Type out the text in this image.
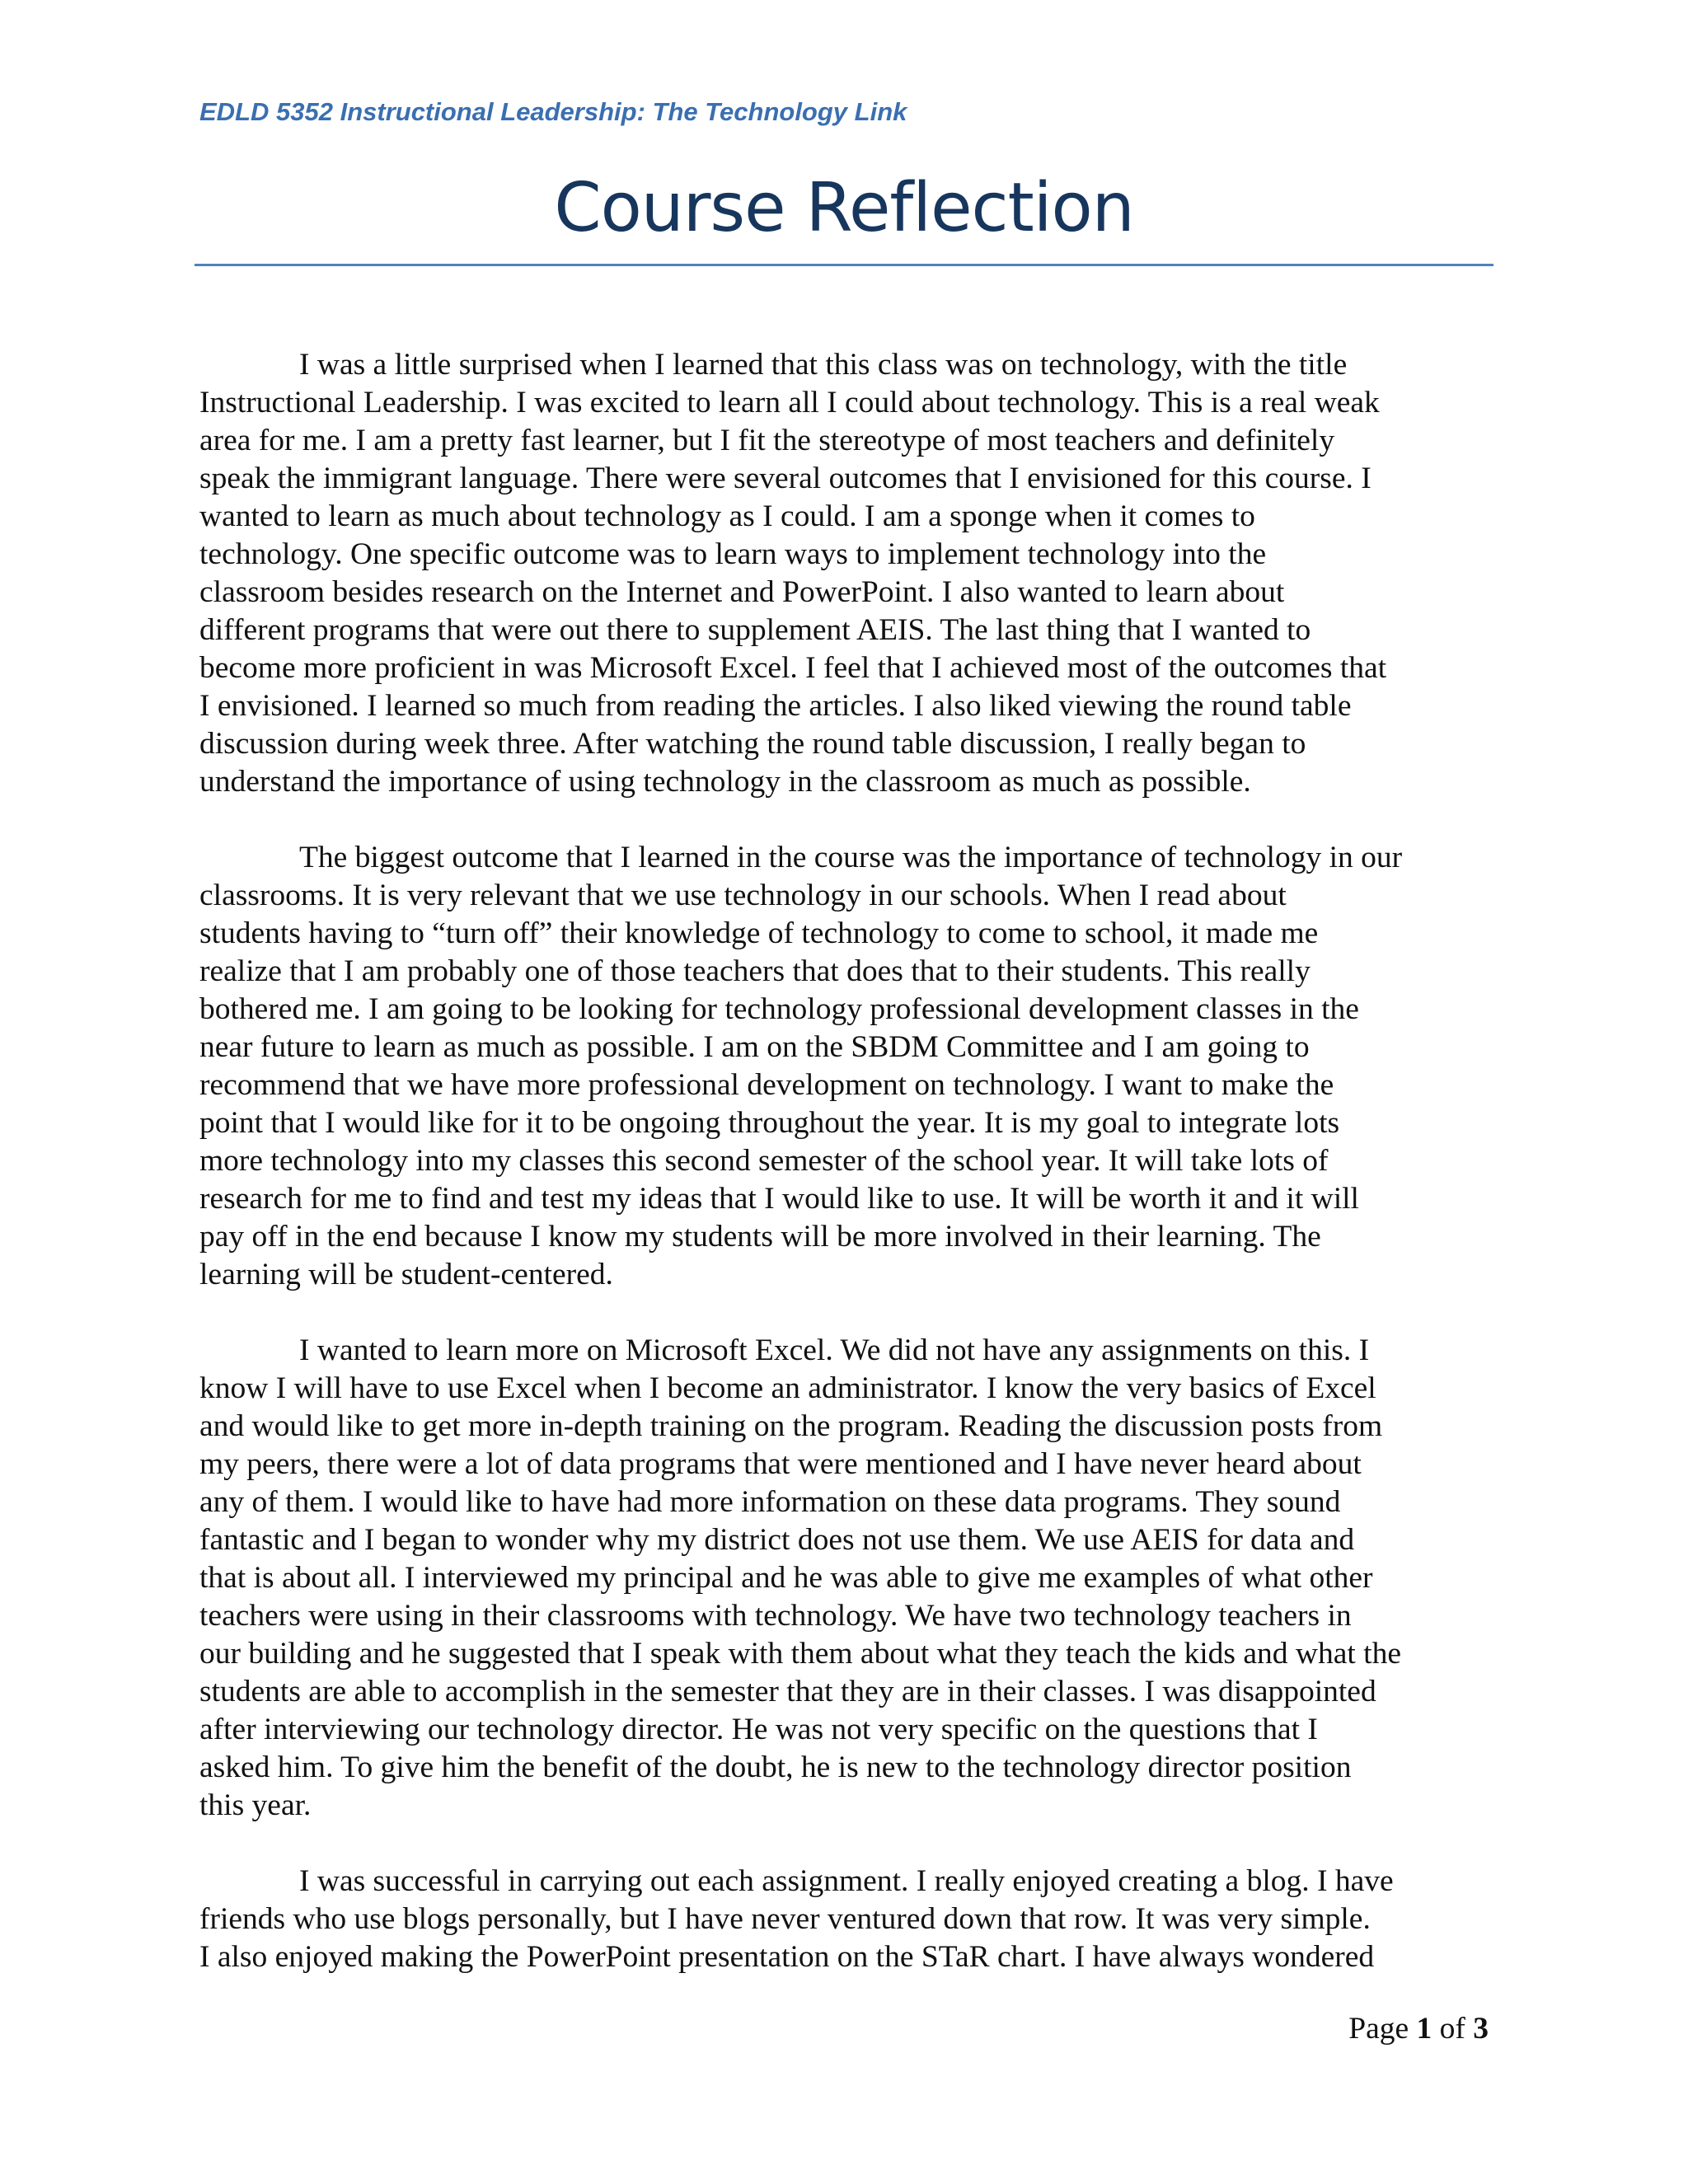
EDLD 5352 Instructional Leadership: The Technology Link
Course Reflection
I was a little surprised when I learned that this class was on technology, with the title
Instructional Leadership. I was excited to learn all I could about technology. This is a real weak
area for me. I am a pretty fast learner, but I fit the stereotype of most teachers and definitely
speak the immigrant language. There were several outcomes that I envisioned for this course. I
wanted to learn as much about technology as I could. I am a sponge when it comes to
technology. One specific outcome was to learn ways to implement technology into the
classroom besides research on the Internet and PowerPoint. I also wanted to learn about
different programs that were out there to supplement AEIS. The last thing that I wanted to
become more proficient in was Microsoft Excel. I feel that I achieved most of the outcomes that
I envisioned. I learned so much from reading the articles. I also liked viewing the round table
discussion during week three. After watching the round table discussion, I really began to
understand the importance of using technology in the classroom as much as possible.
The biggest outcome that I learned in the course was the importance of technology in our
classrooms. It is very relevant that we use technology in our schools. When I read about
students having to “turn off” their knowledge of technology to come to school, it made me
realize that I am probably one of those teachers that does that to their students. This really
bothered me. I am going to be looking for technology professional development classes in the
near future to learn as much as possible. I am on the SBDM Committee and I am going to
recommend that we have more professional development on technology. I want to make the
point that I would like for it to be ongoing throughout the year. It is my goal to integrate lots
more technology into my classes this second semester of the school year. It will take lots of
research for me to find and test my ideas that I would like to use. It will be worth it and it will
pay off in the end because I know my students will be more involved in their learning. The
learning will be student-centered.
I wanted to learn more on Microsoft Excel. We did not have any assignments on this. I
know I will have to use Excel when I become an administrator. I know the very basics of Excel
and would like to get more in-depth training on the program. Reading the discussion posts from
my peers, there were a lot of data programs that were mentioned and I have never heard about
any of them. I would like to have had more information on these data programs. They sound
fantastic and I began to wonder why my district does not use them. We use AEIS for data and
that is about all. I interviewed my principal and he was able to give me examples of what other
teachers were using in their classrooms with technology. We have two technology teachers in
our building and he suggested that I speak with them about what they teach the kids and what the
students are able to accomplish in the semester that they are in their classes. I was disappointed
after interviewing our technology director. He was not very specific on the questions that I
asked him. To give him the benefit of the doubt, he is new to the technology director position
this year.
I was successful in carrying out each assignment. I really enjoyed creating a blog. I have
friends who use blogs personally, but I have never ventured down that row. It was very simple.
I also enjoyed making the PowerPoint presentation on the STaR chart. I have always wondered
Page 1 of 3
